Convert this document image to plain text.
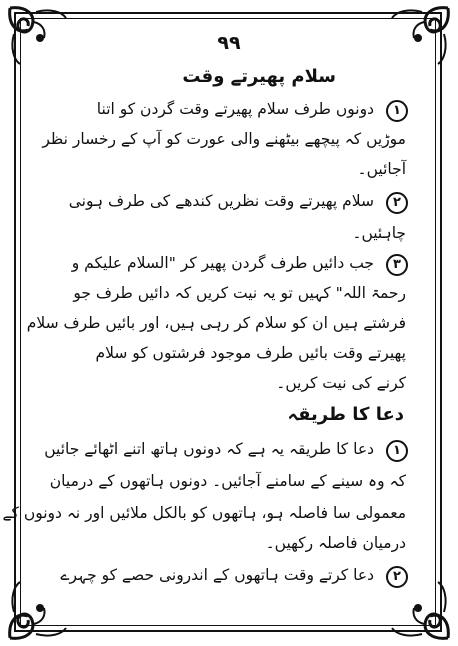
۹۹
سلام پھیرتے وقت
۱
دونوں طرف سلام پھیرتے وقت گردن کو اتنا
موڑیں کہ پیچھے بیٹھنے والی عورت کو آپ کے رخسار نظر
آجائیں۔
۲
سلام پھیرتے وقت نظریں کندھے کی طرف ہونی
چاہئیں۔
۳
جب دائیں طرف گردن پھیر کر "السلام علیکم و
رحمۃ اللہ" کہیں تو یہ نیت کریں کہ دائیں طرف جو
فرشتے ہیں ان کو سلام کر رہی ہیں، اور بائیں طرف سلام
پھیرتے وقت بائیں طرف موجود فرشتوں کو سلام
کرنے کی نیت کریں۔
دعا کا طریقہ
۱
دعا کا طریقہ یہ ہے کہ دونوں ہاتھ اتنے اٹھائے جائیں
کہ وہ سینے کے سامنے آجائیں۔ دونوں ہاتھوں کے درمیان
معمولی سا فاصلہ ہو، ہاتھوں کو بالکل ملائیں اور نہ دونوں کے
درمیان فاصلہ رکھیں۔
۲
دعا کرتے وقت ہاتھوں کے اندرونی حصے کو چہرے
